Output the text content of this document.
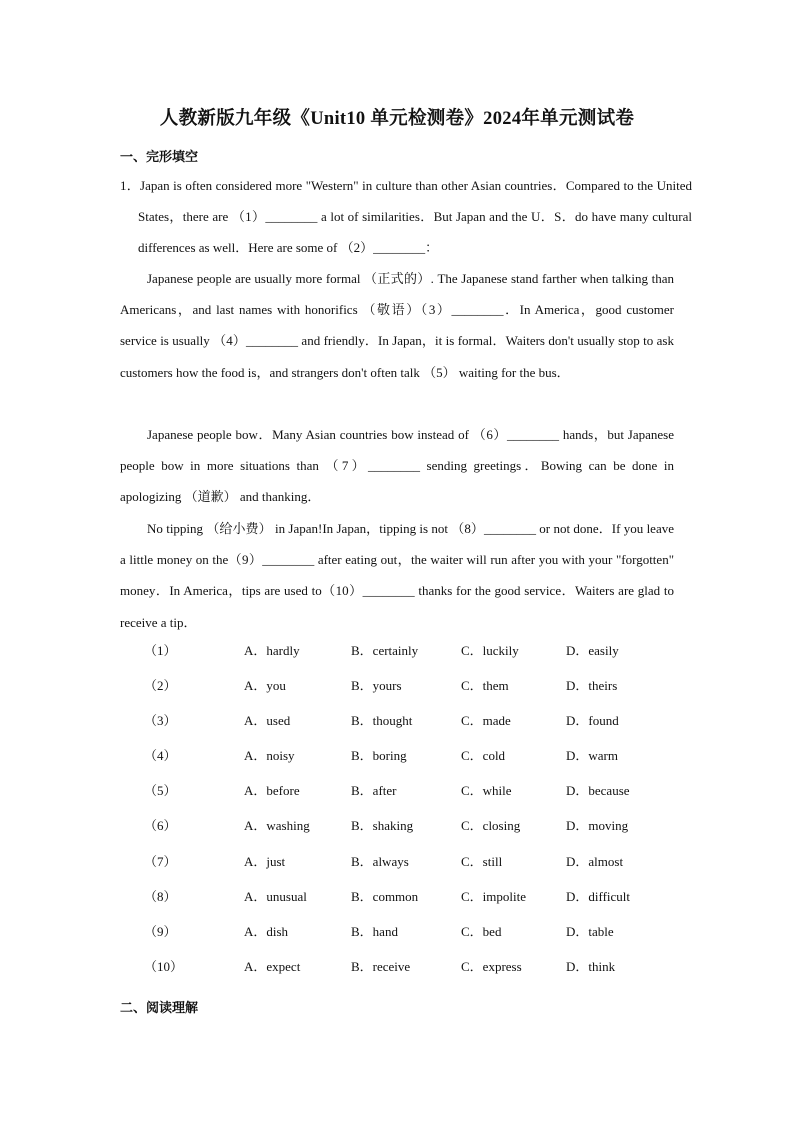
人教新版九年级《Unit10 单元检测卷》2024年单元测试卷
一、完形填空
1．Japan is often considered more "Western" in culture than other Asian countries．Compared to the United States，there are （1）________ a lot of similarities．But Japan and the U．S．do have many cultural differences as well．Here are some of （2）________：
Japanese people are usually more formal （正式的）. The Japanese stand farther when talking than Americans，and last names with honorifics （敬语）（3）________．In America，good customer service is usually （4）________ and friendly．In Japan，it is formal．Waiters don't usually stop to ask customers how the food is，and strangers don't often talk （5） waiting for the bus．
Japanese people bow．Many Asian countries bow instead of （6）________ hands，but Japanese people bow in more situations than （7）________ sending greetings．Bowing can be done in apologizing （道歉） and thanking．
No tipping （给小费） in Japan!In Japan，tipping is not （8）________ or not done．If you leave a little money on the（9）________ after eating out，the waiter will run after you with your "forgotten" money．In America，tips are used to（10）________ thanks for the good service．Waiters are glad to receive a tip．
（1）	A．hardly	B．certainly	C．luckily	D．easily
（2）	A．you	B．yours	C．them	D．theirs
（3）	A．used	B．thought	C．made	D．found
（4）	A．noisy	B．boring	C．cold	D．warm
（5）	A．before	B．after	C．while	D．because
（6）	A．washing	B．shaking	C．closing	D．moving
（7）	A．just	B．always	C．still	D．almost
（8）	A．unusual	B．common	C．impolite	D．difficult
（9）	A．dish	B．hand	C．bed	D．table
（10）	A．expect	B．receive	C．express	D．think
二、阅读理解
